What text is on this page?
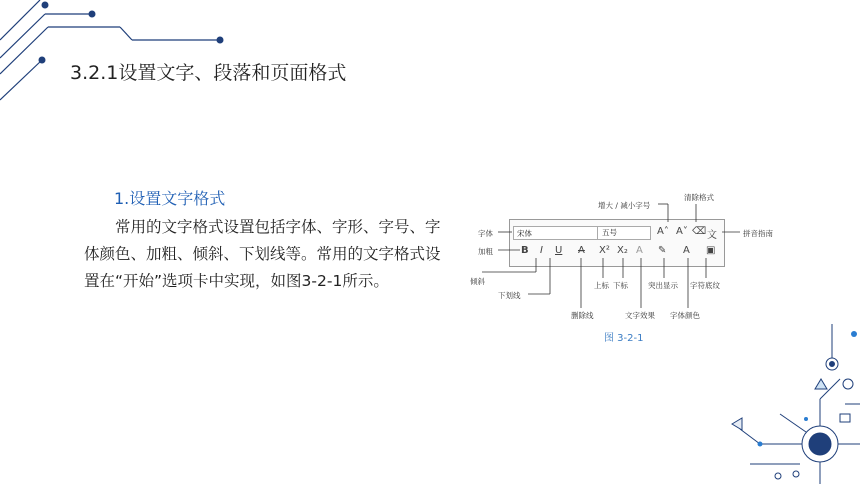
3.2.1设置文字、段落和页面格式
1.设置文字格式

常用的文字格式设置包括字体、字形、字号、字体颜色、加粗、倾斜、下划线等。常用的文字格式设置在“开始”选项卡中实现，如图3-2-1所示。

宋体	五号	A˄ A˅ ⌫ 文
B I U A X² X₂ A ✎ A ▣
字体
加粗
倾斜
下划线
删除线
上标 下标
文字效果
突出显示
字体颜色
字符底纹
增大 / 减小字号
清除格式
拼音指南
图 3-2-1
